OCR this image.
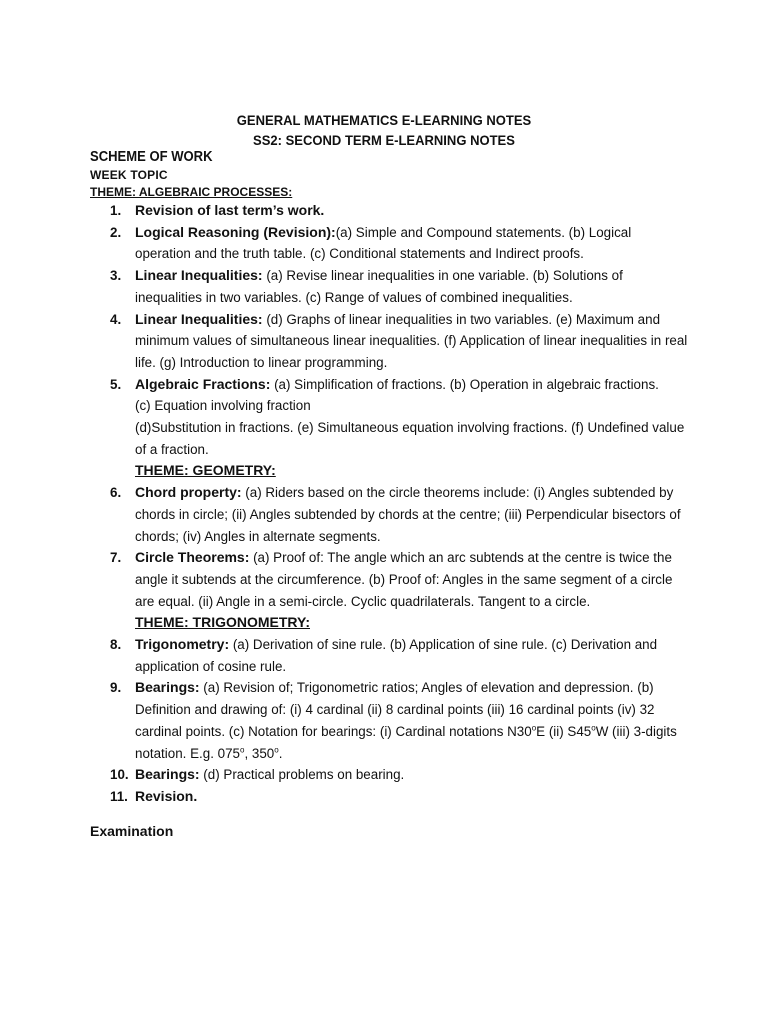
GENERAL MATHEMATICS E-LEARNING NOTES
SS2: SECOND TERM E-LEARNING NOTES
SCHEME OF WORK
WEEK TOPIC
THEME: ALGEBRAIC PROCESSES:
1. Revision of last term’s work.
2. Logical Reasoning (Revision):(a) Simple and Compound statements. (b) Logical operation and the truth table. (c) Conditional statements and Indirect proofs.
3. Linear Inequalities: (a) Revise linear inequalities in one variable. (b) Solutions of inequalities in two variables. (c) Range of values of combined inequalities.
4. Linear Inequalities: (d) Graphs of linear inequalities in two variables. (e) Maximum and minimum values of simultaneous linear inequalities. (f) Application of linear inequalities in real life. (g) Introduction to linear programming.
5. Algebraic Fractions: (a) Simplification of fractions. (b) Operation in algebraic fractions.
(c) Equation involving fraction
(d)Substitution in fractions. (e) Simultaneous equation involving fractions. (f) Undefined value of a fraction.
THEME: GEOMETRY:
6. Chord property: (a) Riders based on the circle theorems include: (i) Angles subtended by chords in circle; (ii) Angles subtended by chords at the centre; (iii) Perpendicular bisectors of chords; (iv) Angles in alternate segments.
7. Circle Theorems: (a) Proof of: The angle which an arc subtends at the centre is twice the angle it subtends at the circumference. (b) Proof of: Angles in the same segment of a circle are equal. (ii) Angle in a semi-circle. Cyclic quadrilaterals. Tangent to a circle.
THEME: TRIGONOMETRY:
8. Trigonometry: (a) Derivation of sine rule. (b) Application of sine rule. (c) Derivation and application of cosine rule.
9. Bearings: (a) Revision of; Trigonometric ratios; Angles of elevation and depression. (b) Definition and drawing of: (i) 4 cardinal (ii) 8 cardinal points (iii) 16 cardinal points (iv) 32 cardinal points. (c) Notation for bearings: (i) Cardinal notations N30$^o$E (ii) S45$^o$W (iii) 3-digits notation. E.g. 075$^o$, 350$^o$.
10. Bearings: (d) Practical problems on bearing.
11. Revision.
Examination
